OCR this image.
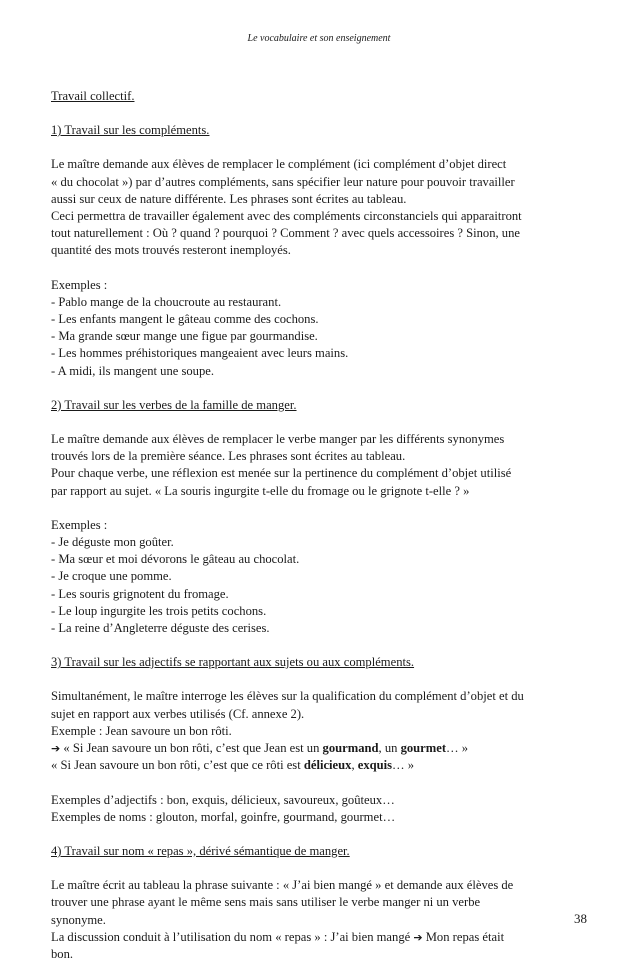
Le vocabulaire et son enseignement

Travail collectif.

1) Travail sur les compléments.

Le maître demande aux élèves de remplacer le complément (ici complément d’objet direct

« du chocolat ») par d’autres compléments, sans spécifier leur nature pour pouvoir travailler

aussi sur ceux de nature différente. Les phrases sont écrites au tableau.

Ceci permettra de travailler également avec des compléments circonstanciels qui apparaitront

tout naturellement : Où ? quand ? pourquoi ? Comment ? avec quels accessoires ? Sinon, une

quantité des mots trouvés resteront inemployés.

Exemples :

- Pablo mange de la choucroute au restaurant.

- Les enfants mangent le gâteau comme des cochons.

- Ma grande sœur mange une figue par gourmandise.

- Les hommes préhistoriques mangeaient avec leurs mains.

- A midi, ils mangent une soupe.

2) Travail sur les verbes de la famille de manger.

Le maître demande aux élèves de remplacer le verbe manger par les différents synonymes

trouvés lors de la première séance. Les phrases sont écrites au tableau.

Pour chaque verbe, une réflexion est menée sur la pertinence du complément d’objet utilisé

par rapport au sujet. « La souris ingurgite t-elle du fromage ou le grignote t-elle ? »

Exemples :

- Je déguste mon goûter.

- Ma sœur et moi dévorons le gâteau au chocolat.

- Je croque une pomme.

- Les souris grignotent du fromage.

- Le loup ingurgite les trois petits cochons.

- La reine d’Angleterre déguste des cerises.

3) Travail sur les adjectifs se rapportant aux sujets ou aux compléments.

Simultanément, le maître interroge les élèves sur la qualification du complément d’objet et du

sujet en rapport aux verbes utilisés (Cf. annexe 2).

Exemple : Jean savoure un bon rôti.

➔ « Si Jean savoure un bon rôti, c’est que Jean est un gourmand, un gourmet… »

« Si Jean savoure un bon rôti, c’est que ce rôti est délicieux, exquis… »

Exemples d’adjectifs : bon, exquis, délicieux, savoureux, goûteux…

Exemples de noms : glouton, morfal, goinfre, gourmand, gourmet…

4) Travail sur nom « repas », dérivé sémantique de manger.

Le maître écrit au tableau la phrase suivante : « J’ai bien mangé » et demande aux élèves de

trouver une phrase ayant le même sens mais sans utiliser le verbe manger ni un verbe

synonyme.

La discussion conduit à l’utilisation du nom « repas » : J’ai bien mangé ➔ Mon repas était

bon.

38
